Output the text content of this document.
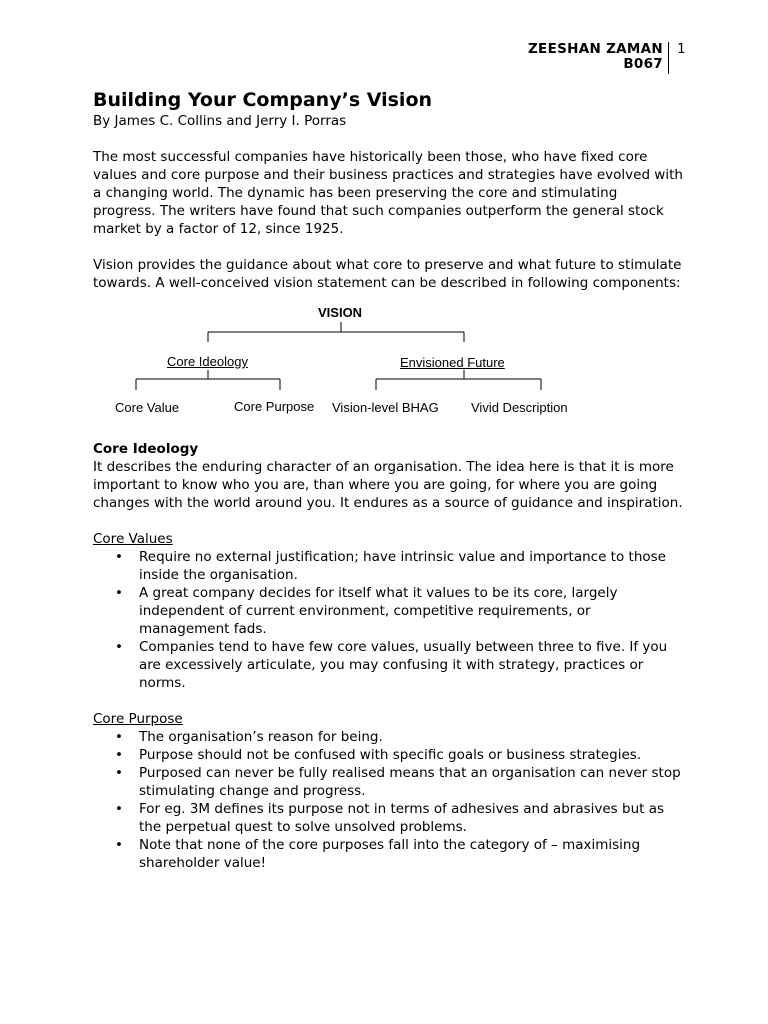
ZEESHAN ZAMAN
B067
1
Building Your Company’s Vision
By James C. Collins and Jerry I. Porras

The most successful companies have historically been those, who have fixed core values and core purpose and their business practices and strategies have evolved with a changing world. The dynamic has been preserving the core and stimulating progress. The writers have found that such companies outperform the general stock market by a factor of 12, since 1925.

Vision provides the guidance about what core to preserve and what future to stimulate towards. A well-conceived vision statement can be described in following components:

VISION
Core Ideology	Envisioned Future
Core Value	Core Purpose Vision-level BHAG Vivid Description
Core Ideology

It describes the enduring character of an organisation. The idea here is that it is more important to know who you are, than where you are going, for where you are going changes with the world around you. It endures as a source of guidance and inspiration.

Core Values
• Require no external justification; have intrinsic value and importance to those inside the organisation.
• A great company decides for itself what it values to be its core, largely independent of current environment, competitive requirements, or management fads.
• Companies tend to have few core values, usually between three to five. If you are excessively articulate, you may confusing it with strategy, practices or norms.
Core Purpose
• The organisation’s reason for being.
• Purpose should not be confused with specific goals or business strategies.
• Purposed can never be fully realised means that an organisation can never stop stimulating change and progress.
• For eg. 3M defines its purpose not in terms of adhesives and abrasives but as the perpetual quest to solve unsolved problems.
• Note that none of the core purposes fall into the category of – maximising shareholder value!
